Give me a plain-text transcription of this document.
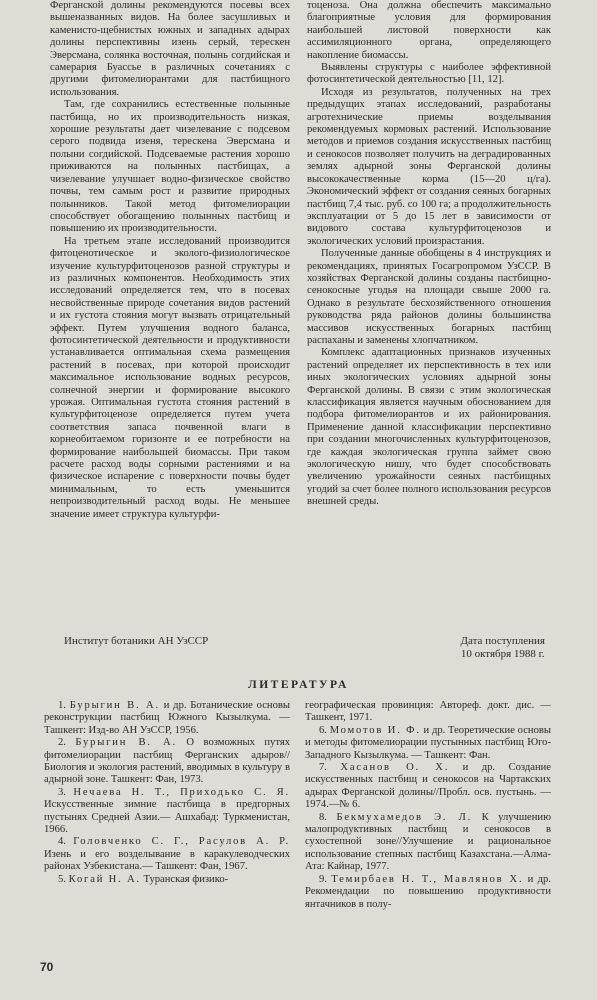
Ферганской долины рекомендуются посевы всех вышеназванных видов. На более засушливых и каменисто-щебнистых южных и западных адырах долины перспективны изень серый, терескен Эверсмана, солянка восточная, полынь согдийская и самерария Буассье в различных сочетаниях с другими фитомелиорантами для пастбищного использования.

Там, где сохранились естественные полынные пастбища, но их производительность низкая, хорошие результаты дает чизелевание с подсевом серого подвида изеня, терескена Эверсмана и полыни согдийской. Подсеваемые растения хорошо приживаются на полынных пастбищах, а чизелевание улучшает водно-физическое свойство почвы, тем самым рост и развитие природных полынников. Такой метод фитомелиорации способствует обогащению полынных пастбищ и повышению их производительности.

На третьем этапе исследований производится фитоценотическое и эколого-физиологическое изучение культурфитоценозов разной структуры и из различных компонентов. Необходимость этих исследований определяется тем, что в посевах несвойственные природе сочетания видов растений и их густота стояния могут вызвать отрицательный эффект. Путем улучшения водного баланса, фотосинтетической деятельности и продуктивности устанавливается оптимальная схема размещения растений в посевах, при которой происходит максимальное использование водных ресурсов, солнечной энергии и формирование высокого урожая. Оптимальная густота стояния растений в культурфитоценозе определяется путем учета соответствия запаса почвенной влаги в корнеобитаемом горизонте и ее потребности на формирование наибольшей биомассы. При таком расчете расход воды сорными растениями и на физическое испарение с поверхности почвы будет минимальным, то есть уменьшится непроизводительный расход воды. Не меньшее значение имеет структура культурфи-

тоценоза. Она должна обеспечить максимально благоприятные условия для формирования наибольшей листовой поверхности как ассимиляционного органа, определяющего накопление биомассы.

Выявлены структуры с наиболее эффективной фотосинтетической деятельностью [11, 12].

Исходя из результатов, полученных на трех предыдущих этапах исследований, разработаны агротехнические приемы возделывания рекомендуемых кормовых растений. Использование методов и приемов создания искусственных пастбищ и сенокосов позволяет получить на деградированных землях адырной зоны Ферганской долины высококачественные корма (15—20 ц/га). Экономический эффект от создания сеяных богарных пастбищ 7,4 тыс. руб. со 100 га; а продолжительность эксплуатации от 5 до 15 лет в зависимости от видового состава культурфитоценозов и экологических условий произрастания.

Полученные данные обобщены в 4 инструкциях и рекомендациях, принятых Госагропромом УзССР. В хозяйствах Ферганской долины созданы пастбищно-сенокосные угодья на площади свыше 2000 га. Однако в результате бесхозяйственного отношения руководства ряда районов долины большинства массивов искусственных богарных пастбищ распаханы и заменены хлопчатником.

Комплекс адаптационных признаков изученных растений определяет их перспективность в тех или иных экологических условиях адырной зоны Ферганской долины. В связи с этим экологическая классификация является научным обоснованием для подбора фитомелиорантов и их районирования. Применение данной классификации перспективно при создании многочисленных культурфитоценозов, где каждая экологическая группа займет свою экологическую нишу, что будет способствовать увеличению урожайности сеяных пастбищных угодий за счет более полного использования ресурсов внешней среды.

Институт ботаники АН УзССР	Дата поступления
10 октября 1988 г.
ЛИТЕРАТУРА

1. Бурыгин В. А. и др. Ботанические основы реконструкции пастбищ Южного Кызылкума. — Ташкент: Изд-во АН УзССР, 1956.

2. Бурыгин В. А. О возможных путях фитомелиорации пастбищ Ферганских адыров//Биология и экология растений, вводимых в культуру в адырной зоне. Ташкент: Фан, 1973.

3. Нечаева Н. Т., Приходько С. Я. Искусственные зимние пастбища в предгорных пустынях Средней Азии.— Ашхабад: Туркменистан, 1966.

4. Головченко С. Г., Расулов А. Р. Изень и его возделывание в каракулеводческих районах Узбекистана.— Ташкент: Фан, 1967.

5. Когай Н. А. Туранская физико-

географическая провинция: Автореф. докт. дис. — Ташкент, 1971.

6. Момотов И. Ф. и др. Теоретические основы и методы фитомелиорации пустынных пастбищ Юго-Западного Кызылкума. — Ташкент: Фан.

7. Хасанов О. Х. и др. Создание искусственных пастбищ и сенокосов на Чартакских адырах Ферганской долины//Пробл. осв. пустынь. — 1974.—№ 6.

8. Бекмухамедов Э. Л. К улучшению малопродуктивных пастбищ и сенокосов в сухостепной зоне//Улучшение и рациональное использование степных пастбищ Казахстана.—Алма-Ата: Кайнар, 1977.

9. Темирбаев Н. Т., Мавлянов Х. и др. Рекомендации по повышению продуктивности янтачников в полу-

70
